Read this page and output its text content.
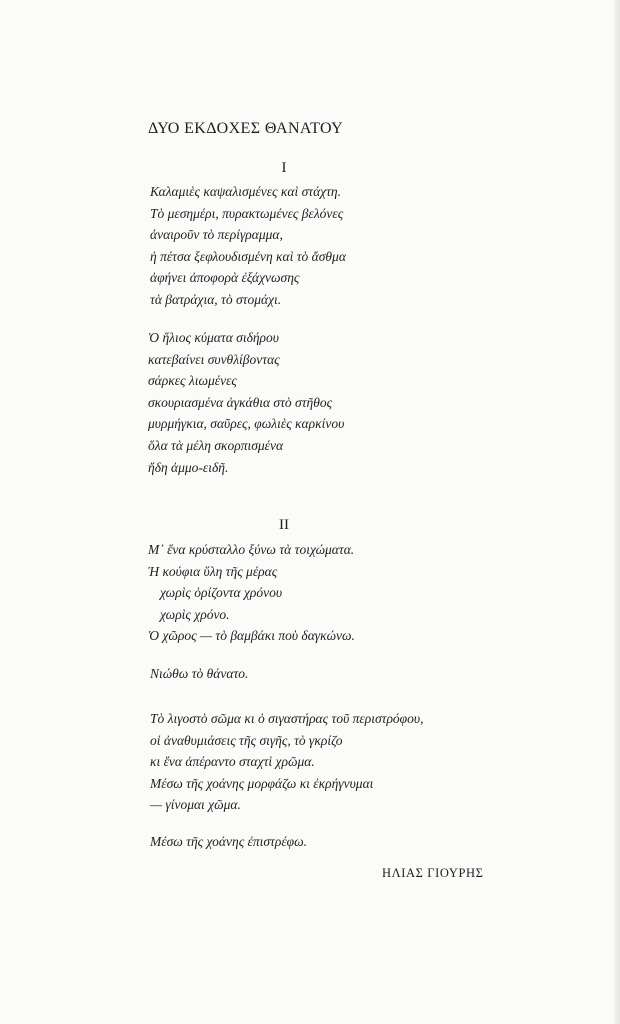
ΔΥΟ ΕΚΔΟΧΕΣ ΘΑΝΑΤΟΥ
Ι
Καλαμιὲς καψαλισμένες καὶ στάχτη.
Τὸ μεσημέρι, πυρακτωμένες βελόνες
ἀναιροῦν τὸ περίγραμμα,
ἡ πέτσα ξεφλουδισμένη καὶ τὸ ἄσθμα
ἀφήνει ἀποφορὰ ἐξάχνωσης
τὰ βατράχια, τὸ στομάχι.
Ὁ ἥλιος κύματα σιδήρου
κατεβαίνει συνθλίβοντας
σάρκες λιωμένες
σκουριασμένα ἀγκάθια στὸ στῆθος
μυρμήγκια, σαῦρες, φωλιὲς καρκίνου
ὅλα τὰ μέλη σκορπισμένα
ἤδη ἀμμο-ειδῆ.
ΙΙ
Μ᾽ ἕνα κρύσταλλο ξύνω τὰ τοιχώματα.
Ἡ κούφια ὕλη τῆς μέρας
χωρὶς ὁρίζοντα χρόνου
χωρὶς χρόνο.
Ὁ χῶρος — τὸ βαμβάκι ποὺ δαγκώνω.
Νιώθω τὸ θάνατο.
Τὸ λιγοστὸ σῶμα κι ὁ σιγαστήρας τοῦ περιστρόφου,
οἱ ἀναθυμιάσεις τῆς σιγῆς, τὸ γκρίζο
κι ἕνα ἀπέραντο σταχτὶ χρῶμα.
Μέσω τῆς χοάνης μορφάζω κι ἐκρήγνυμαι
— γίνομαι χῶμα.
Μέσω τῆς χοάνης ἐπιστρέφω.
ΗΛΙΑΣ ΓΙΟΥΡΗΣ
